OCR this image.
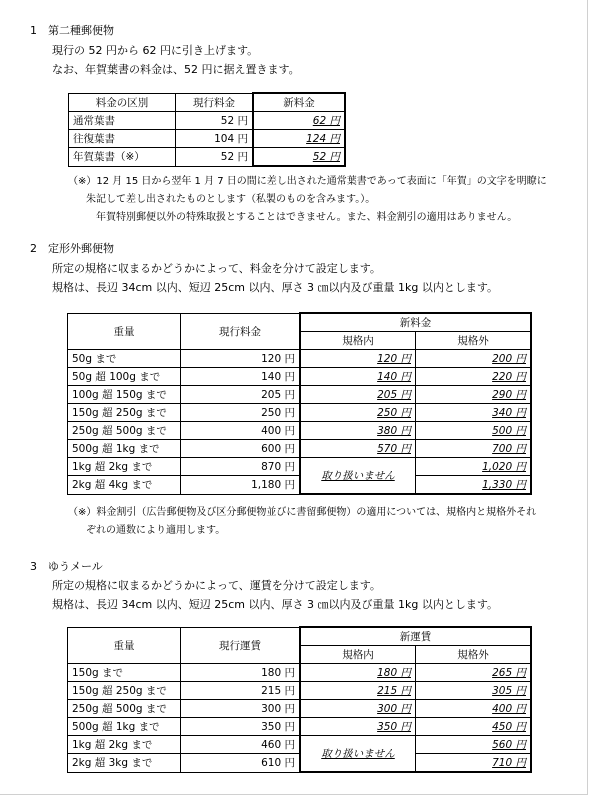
1 第二種郵便物
現行の 52 円から 62 円に引き上げます。
なお、年賀葉書の料金は、52 円に据え置きます。
料金の区別	現行料金	新料金
通常葉書	52 円	62 円
往復葉書	104 円	124 円
年賀葉書（※）	52 円	52 円
（※）12 月 15 日から翌年 1 月 7 日の間に差し出された通常葉書であって表面に「年賀」の文字を明瞭に
朱記して差し出されたものとします（私製のものを含みます。）。
年賀特別郵便以外の特殊取扱とすることはできません。また、料金割引の適用はありません。
2 定形外郵便物
所定の規格に収まるかどうかによって、料金を分けて設定します。
規格は、長辺 34cm 以内、短辺 25cm 以内、厚さ 3 ㎝以内及び重量 1kg 以内とします。
重量	現行料金	新料金	
		規格内	規格外
50g まで	120 円	120 円	200 円
50g 超 100g まで	140 円	140 円	220 円
100g 超 150g まで	205 円	205 円	290 円
150g 超 250g まで	250 円	250 円	340 円
250g 超 500g まで	400 円	380 円	500 円
500g 超 1kg まで	600 円	570 円	700 円
1kg 超 2kg まで	870 円	取り扱いません	1,020 円
2kg 超 4kg まで	1,180 円		1,330 円
（※）料金割引（広告郵便物及び区分郵便物並びに書留郵便物）の適用については、規格内と規格外それ
ぞれの通数により適用します。
3 ゆうメール
所定の規格に収まるかどうかによって、運賃を分けて設定します。
規格は、長辺 34cm 以内、短辺 25cm 以内、厚さ 3 ㎝以内及び重量 1kg 以内とします。
重量	現行運賃	新運賃	
		規格内	規格外
150g まで	180 円	180 円	265 円
150g 超 250g まで	215 円	215 円	305 円
250g 超 500g まで	300 円	300 円	400 円
500g 超 1kg まで	350 円	350 円	450 円
1kg 超 2kg まで	460 円	取り扱いません	560 円
2kg 超 3kg まで	610 円		710 円
